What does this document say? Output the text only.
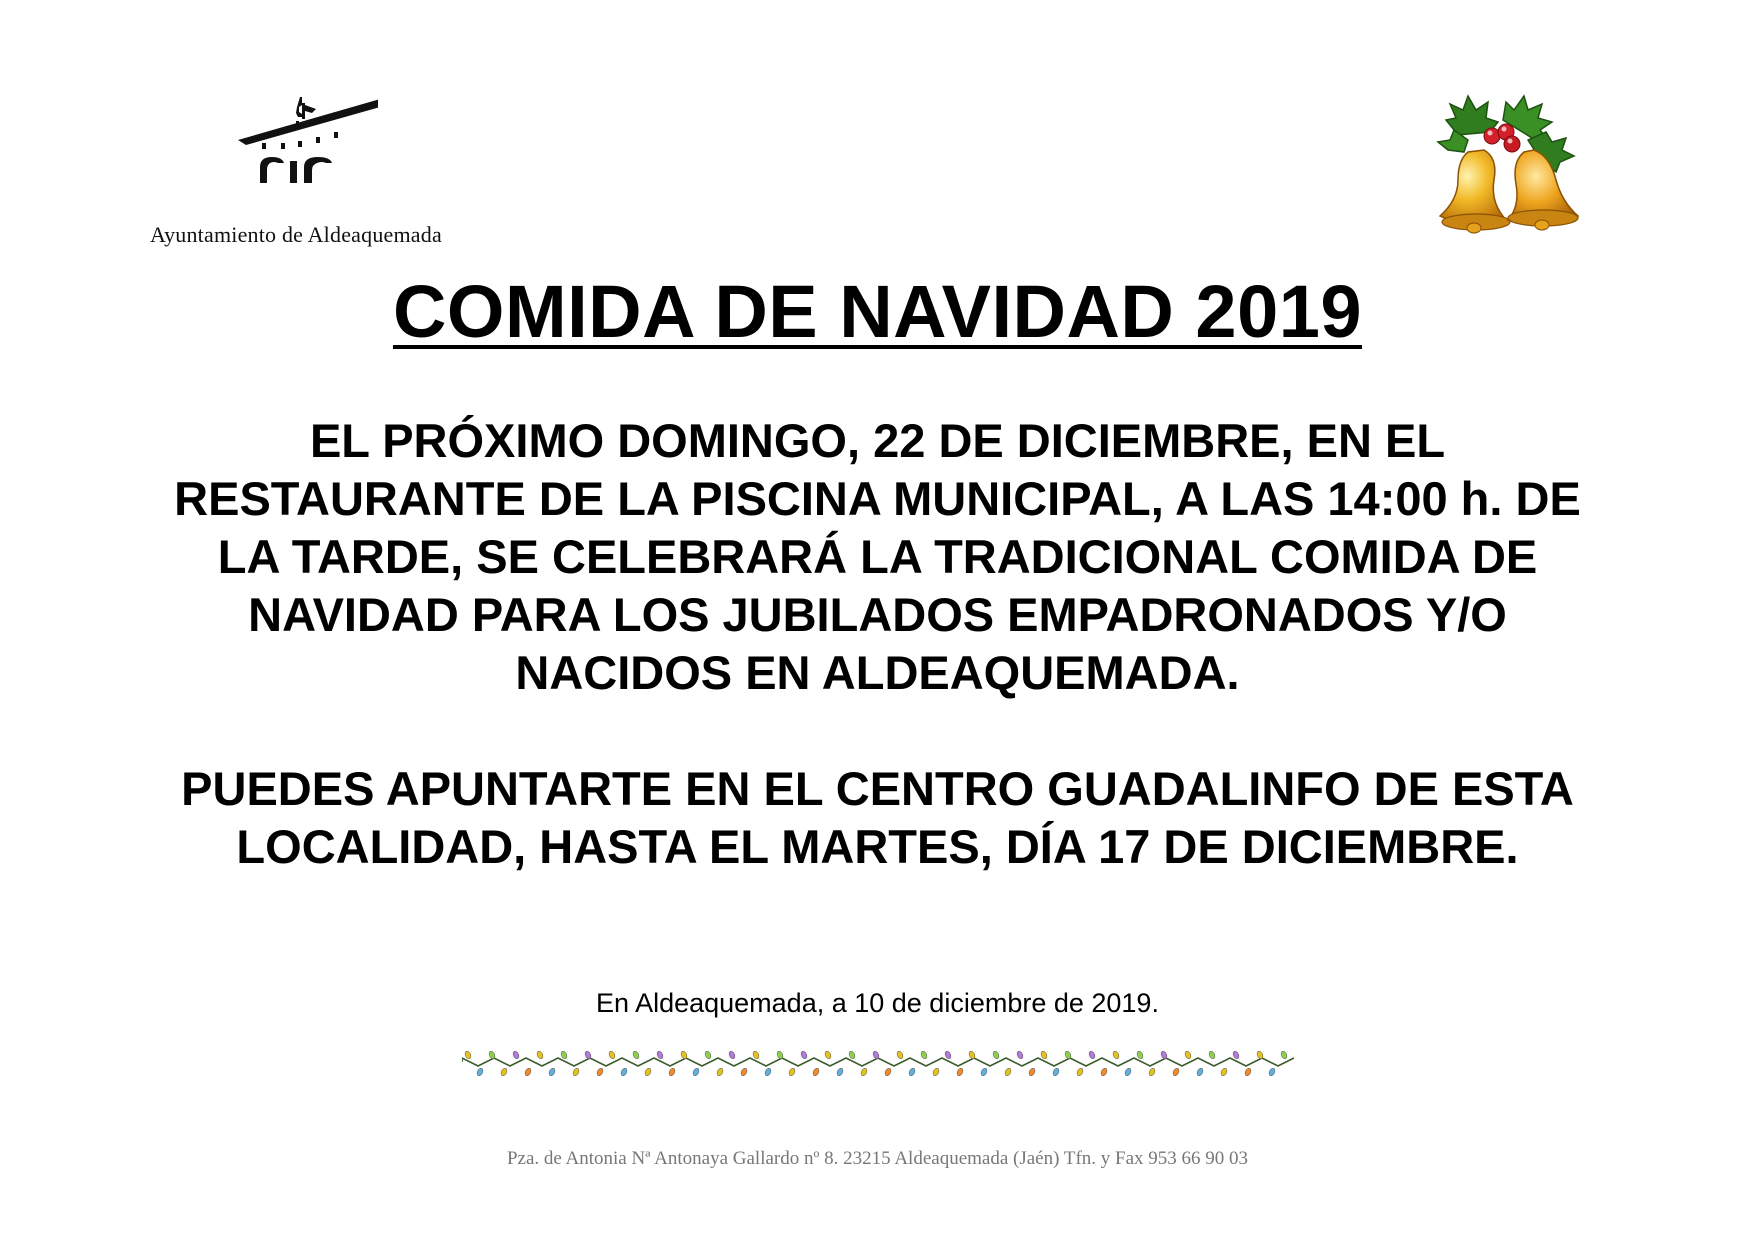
Ayuntamiento de Aldeaquemada
COMIDA DE NAVIDAD 2019

EL PRÓXIMO DOMINGO, 22 DE DICIEMBRE, EN EL RESTAURANTE DE LA PISCINA MUNICIPAL, A LAS 14:00 h. DE LA TARDE, SE CELEBRARÁ LA TRADICIONAL COMIDA DE NAVIDAD PARA LOS JUBILADOS EMPADRONADOS Y/O NACIDOS EN ALDEAQUEMADA.

PUEDES APUNTARTE EN EL CENTRO GUADALINFO DE ESTA LOCALIDAD, HASTA EL MARTES, DÍA 17 DE DICIEMBRE.

En Aldeaquemada, a 10 de diciembre de 2019.

Pza. de Antonia Nª Antonaya Gallardo nº 8. 23215 Aldeaquemada (Jaén) Tfn. y Fax 953 66 90 03
